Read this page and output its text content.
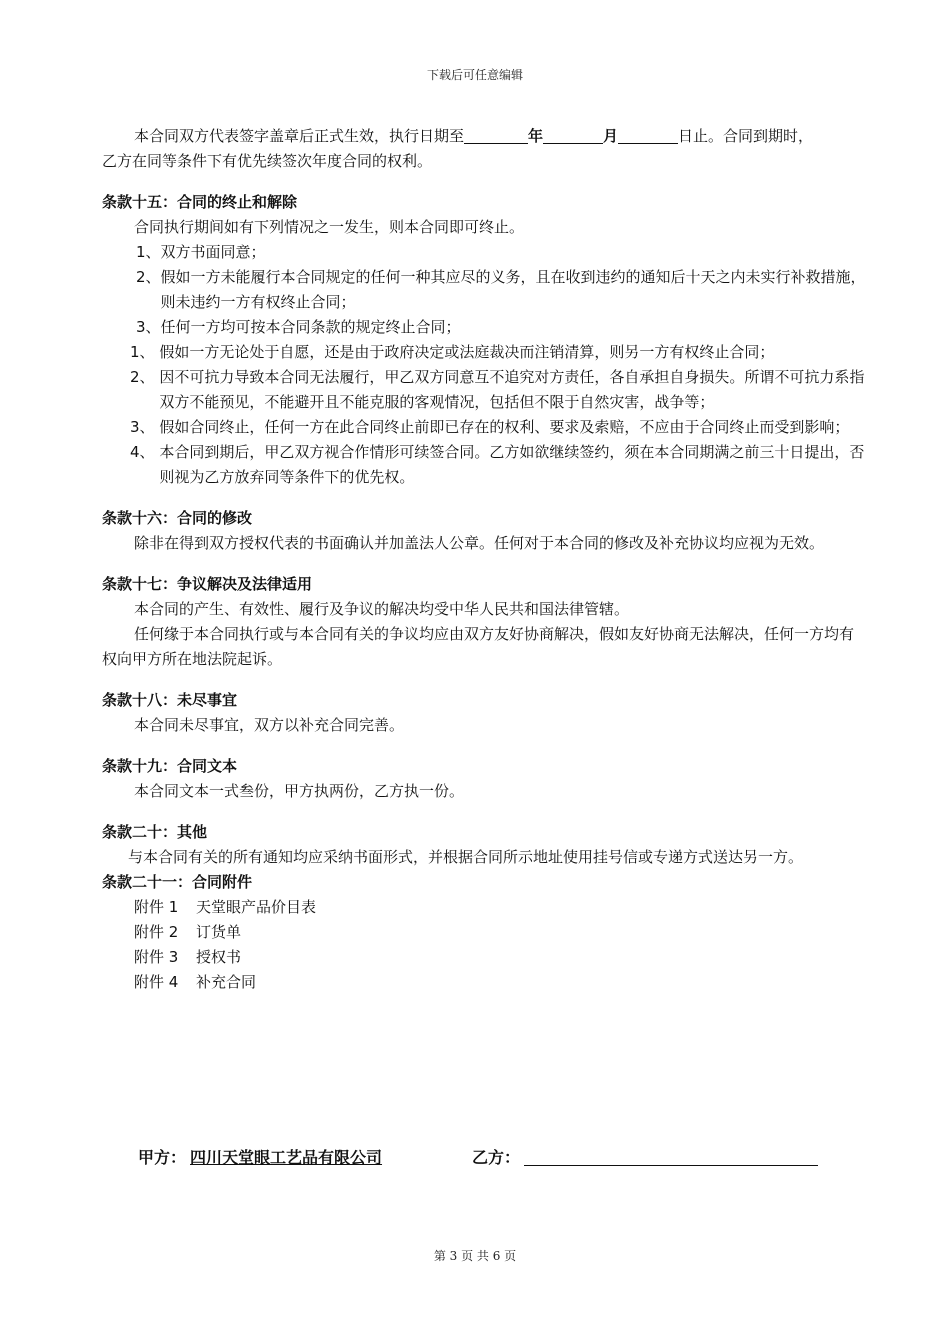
下载后可任意编辑
本合同双方代表签字盖章后正式生效，执行日期至	年	月	日止。合同到期时，
乙方在同等条件下有优先续签次年度合同的权利。
条款十五：合同的终止和解除
合同执行期间如有下列情况之一发生，则本合同即可终止。
1、 双方书面同意；
2、 假如一方未能履行本合同规定的任何一种其应尽的义务，且在收到违约的通知后十天之内未实行补救措施，则未违约一方有权终止合同；
3、 任何一方均可按本合同条款的规定终止合同；
1、 假如一方无论处于自愿，还是由于政府决定或法庭裁决而注销清算，则另一方有权终止合同；
2、 因不可抗力导致本合同无法履行，甲乙双方同意互不追究对方责任，各自承担自身损失。所谓不可抗力系指双方不能预见，不能避开且不能克服的客观情况，包括但不限于自然灾害，战争等；
3、 假如合同终止，任何一方在此合同终止前即已存在的权利、要求及索赔，不应由于合同终止而受到影响；
4、 本合同到期后，甲乙双方视合作情形可续签合同。乙方如欲继续签约，须在本合同期满之前三十日提出，否则视为乙方放弃同等条件下的优先权。
条款十六：合同的修改
除非在得到双方授权代表的书面确认并加盖法人公章。任何对于本合同的修改及补充协议均应视为无效。
条款十七：争议解决及法律适用
本合同的产生、有效性、履行及争议的解决均受中华人民共和国法律管辖。
任何缘于本合同执行或与本合同有关的争议均应由双方友好协商解决，假如友好协商无法解决，任何一方均有权向甲方所在地法院起诉。
条款十八：未尽事宜
本合同未尽事宜，双方以补充合同完善。
条款十九：合同文本
本合同文本一式叁份，甲方执两份，乙方执一份。
条款二十：其他
与本合同有关的所有通知均应采纳书面形式，并根据合同所示地址使用挂号信或专递方式送达另一方。
条款二十一：合同附件
附件 1 天堂眼产品价目表
附件 2 订货单
附件 3 授权书
附件 4 补充合同
甲方： 四川天堂眼工艺品有限公司	乙方：
第 3 页 共 6 页
